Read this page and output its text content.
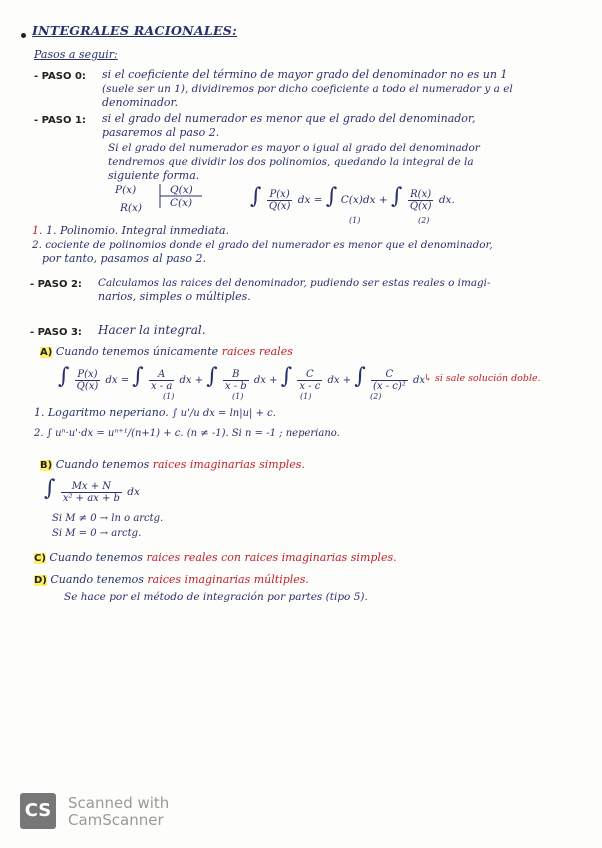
INTEGRALES RACIONALES:
Pasos a seguir:
- PASO 0: si el coeficiente del término de mayor grado del denominador no es un 1
(suele ser un 1), dividiremos por dicho coeficiente a todo el numerador y a el
denominador.
- PASO 1: si el grado del numerador es menor que el grado del denominador,
pasaremos al paso 2.
Si el grado del numerador es mayor o igual al grado del denominador
tendremos que dividir los dos polinomios, quedando la integral de la
siguiente forma.
P(x)	Q(x)
R(x)	C(x)	∫ $\frac{P(x)}{Q(x)}$ dx = ∫ C(x)dx + ∫ $\frac{R(x)}{Q(x)}$ dx.
(1)	(2)
1. 1. Polinomio. Integral inmediata.
2. cociente de polinomios donde el grado del numerador es menor que el denominador,
por tanto, pasamos al paso 2.
- PASO 2: Calculamos las raices del denominador, pudiendo ser estas reales o imagi-
narios, simples o múltiples.
- PASO 3: Hacer la integral.
A) Cuando tenemos únicamente raices reales
∫ $\frac{P(x)}{Q(x)}$ dx = ∫ $\frac{A}{x - a}$ dx + ∫ $\frac{B}{x - b}$ dx + ∫ $\frac{C}{x - c}$ dx + ∫ $\frac{C}{\text{(x - c)²}}$ dx ↳ si sale solución doble.
(1)	(1)	(1)	(2)
1. Logaritmo neperiano. ∫ u'/u dx = ln|u| + c.
2. ∫ uⁿ·u'·dx = uⁿ⁺¹/(n+1) + c. (n ≠ -1). Si n = -1 ; neperiano.
B) Cuando tenemos raices imaginarias simples.
∫ $\frac{Mx + N}{\text{x² + ax + b}}$ dx
Si M ≠ 0 → ln o arctg.
Si M = 0 → arctg.
C) Cuando tenemos raices reales con raices imaginarias simples.
D) Cuando tenemos raices imaginarias múltiples.
Se hace por el método de integración por partes (tipo 5).
CS	Scanned with
CamScanner
